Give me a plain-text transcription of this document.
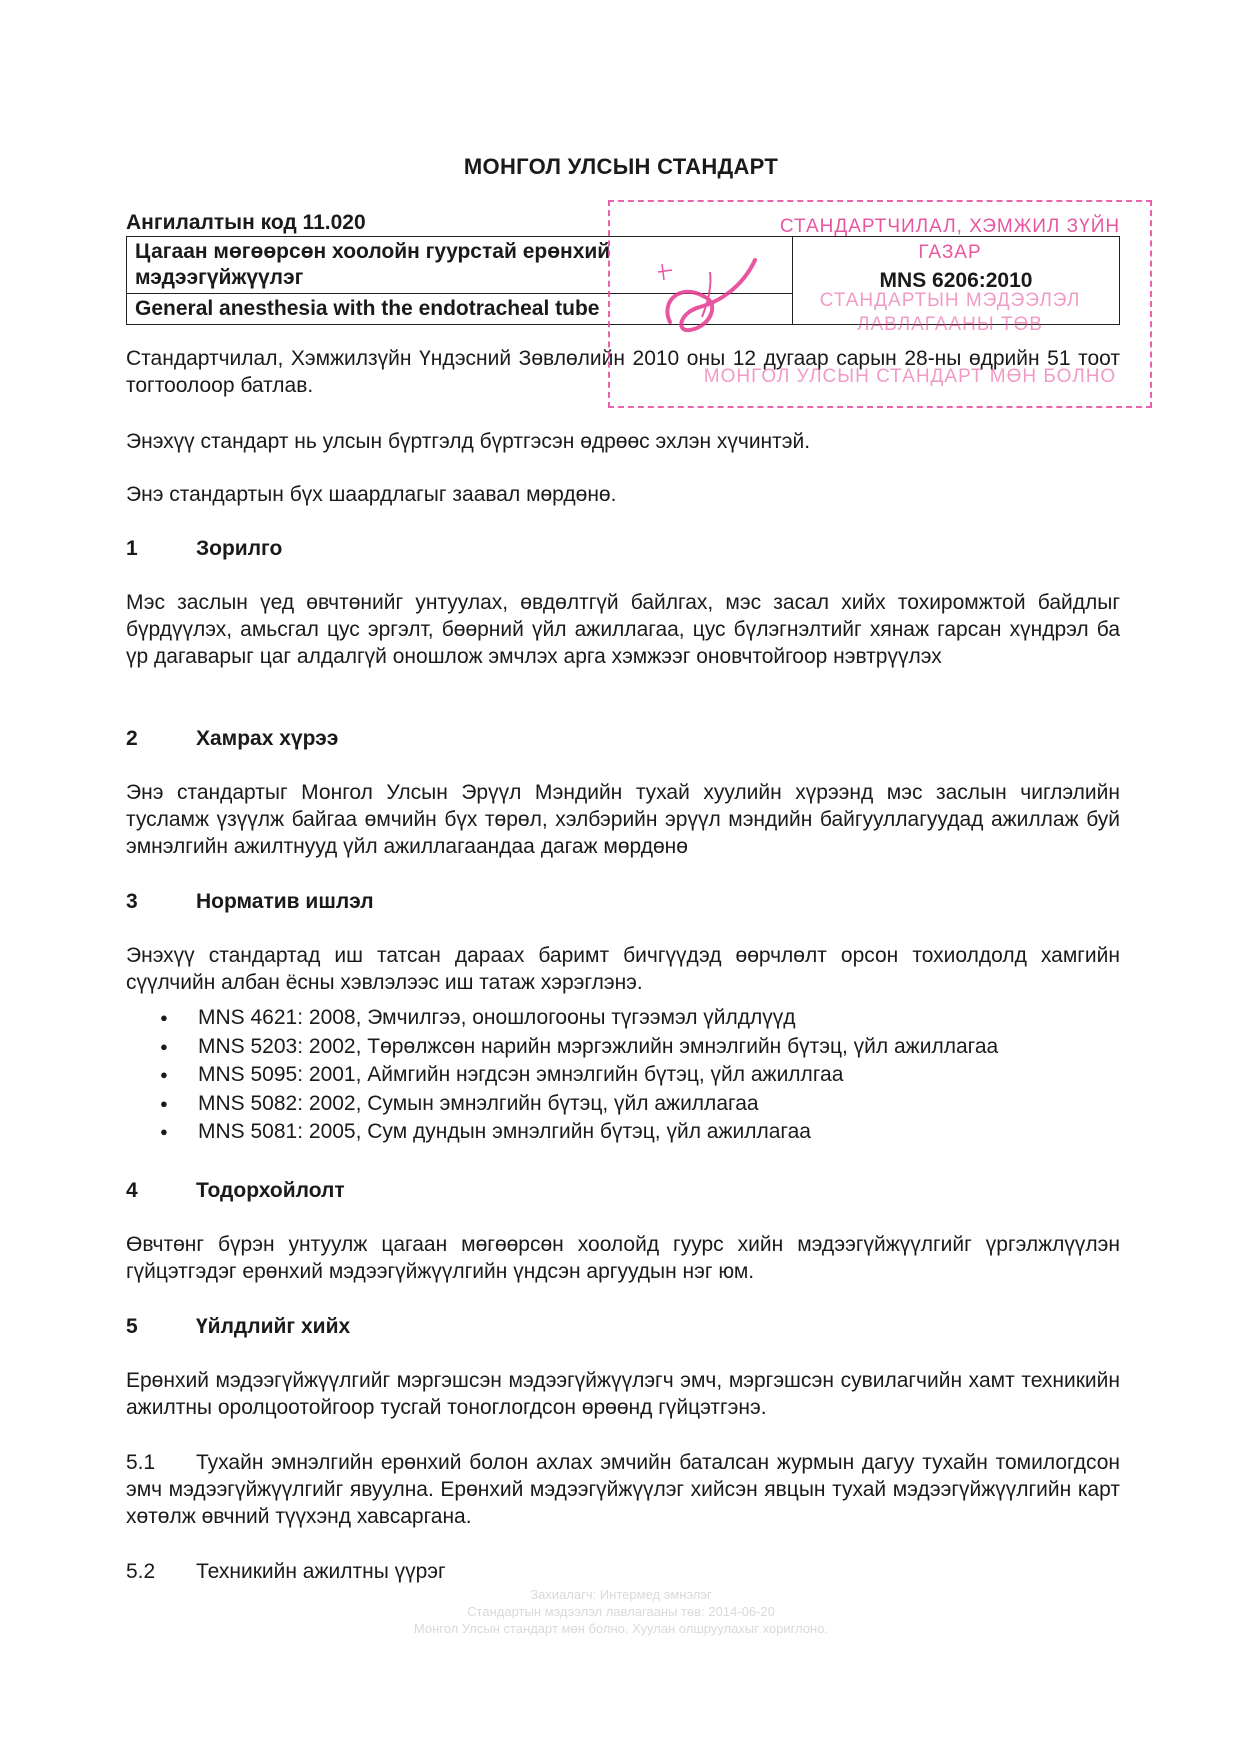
МОНГОЛ УЛСЫН СТАНДАРТ
Ангилалтын код 11.020
Цагаан мөгөөрсөн хоолойн гуурстай ерөнхий
мэдээгүйжүүлэг	MNS 6206:2010
General anesthesia with the endotracheal tube

Стандартчилал, Хэмжилзүйн Үндэсний Зөвлөлийн 2010 оны 12 дугаар сарын 28-ны өдрийн 51 тоот тогтоолоор батлав.

Энэхүү стандарт нь улсын бүртгэлд бүртгэсэн өдрөөс эхлэн хүчинтэй.

Энэ стандартын бүх шаардлагыг заавал мөрдөнө.

1	Зорилго

Мэс заслын үед өвчтөнийг унтуулах, өвдөлтгүй байлгах, мэс засал хийх тохиромжтой байдлыг бүрдүүлэх, амьсгал цус эргэлт, бөөрний үйл ажиллагаа, цус бүлэгнэлтийг хянаж гарсан хүндрэл ба үр дагаварыг цаг алдалгүй оношлож эмчлэх арга хэмжээг оновчтойгоор нэвтрүүлэх

2	Хамрах хүрээ

Энэ стандартыг Монгол Улсын Эрүүл Мэндийн тухай хуулийн хүрээнд мэс заслын чиглэлийн тусламж үзүүлж байгаа өмчийн бүх төрөл, хэлбэрийн эрүүл мэндийн байгууллагуудад ажиллаж буй эмнэлгийн ажилтнууд үйл ажиллагаандаа дагаж мөрдөнө

3	Норматив ишлэл

Энэхүү стандартад иш татсан дараах баримт бичгүүдэд өөрчлөлт орсон тохиолдолд хамгийн сүүлчийн албан ёсны хэвлэлээс иш татаж хэрэглэнэ.

● MNS 4621: 2008, Эмчилгээ, оношлогооны түгээмэл үйлдлүүд
● MNS 5203: 2002, Төрөлжсөн нарийн мэргэжлийн эмнэлгийн бүтэц, үйл ажиллагаа
● MNS 5095: 2001, Аймгийн нэгдсэн эмнэлгийн бүтэц, үйл ажиллгаа
● MNS 5082: 2002, Сумын эмнэлгийн бүтэц, үйл ажиллагаа
● MNS 5081: 2005, Сум дундын эмнэлгийн бүтэц, үйл ажиллагаа
4	Тодорхойлолт

Өвчтөнг бүрэн унтуулж цагаан мөгөөрсөн хоолойд гуурс хийн мэдээгүйжүүлгийг үргэлжлүүлэн гүйцэтгэдэг ерөнхий мэдээгүйжүүлгийн үндсэн аргуудын нэг юм.

5	Үйлдлийг хийх

Ерөнхий мэдээгүйжүүлгийг мэргэшсэн мэдээгүйжүүлэгч эмч, мэргэшсэн сувилагчийн хамт техникийн ажилтны оролцоотойгоор тусгай тоноглогдсон өрөөнд гүйцэтгэнэ.

5.1 Тухайн эмнэлгийн ерөнхий болон ахлах эмчийн баталсан журмын дагуу тухайн томилогдсон эмч мэдээгүйжүүлгийг явуулна. Ерөнхий мэдээгүйжүүлэг хийсэн явцын тухай мэдээгүйжүүлгийн карт хөтөлж өвчний түүхэнд хавсаргана.
5.2 Техникийн ажилтны үүрэг
СТАНДАРТЧИЛАЛ, ХЭМЖИЛ ЗҮЙН
ГАЗАР
СТАНДАРТЫН МЭДЭЭЛЭЛ
ЛАВЛАГААНЫ ТӨВ
МОНГОЛ УЛСЫН СТАНДАРТ МӨН БОЛНО
Захиалагч: Интермед эмнэлэг
Стандартын мэдээлэл лавлагааны төв: 2014-06-20
Монгол Улсын стандарт мөн болно. Хуулан олшруулахыг хориглоно.
